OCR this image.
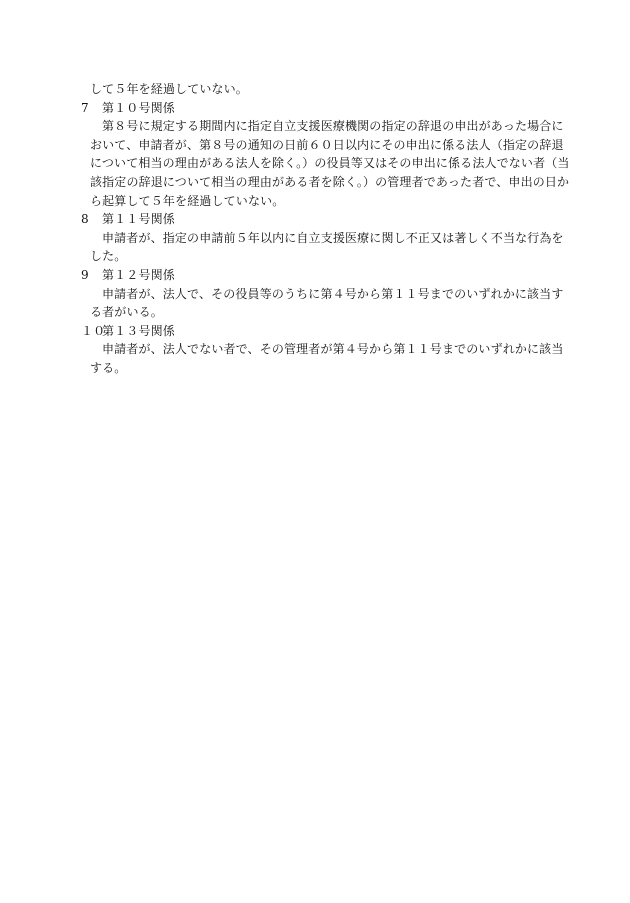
して５年を経過していない。
7 第１０号関係
第８号に規定する期間内に指定自立支援医療機関の指定の辞退の申出があった場合に
おいて、申請者が、第８号の通知の日前６０日以内にその申出に係る法人（指定の辞退
について相当の理由がある法人を除く。）の役員等又はその申出に係る法人でない者（当
該指定の辞退について相当の理由がある者を除く。）の管理者であった者で、申出の日か
ら起算して５年を経過していない。
8 第１１号関係
申請者が、指定の申請前５年以内に自立支援医療に関し不正又は著しく不当な行為を
した。
9 第１２号関係
申請者が、法人で、その役員等のうちに第４号から第１１号までのいずれかに該当す
る者がいる。
１０第１３号関係
申請者が、法人でない者で、その管理者が第４号から第１１号までのいずれかに該当
する。
